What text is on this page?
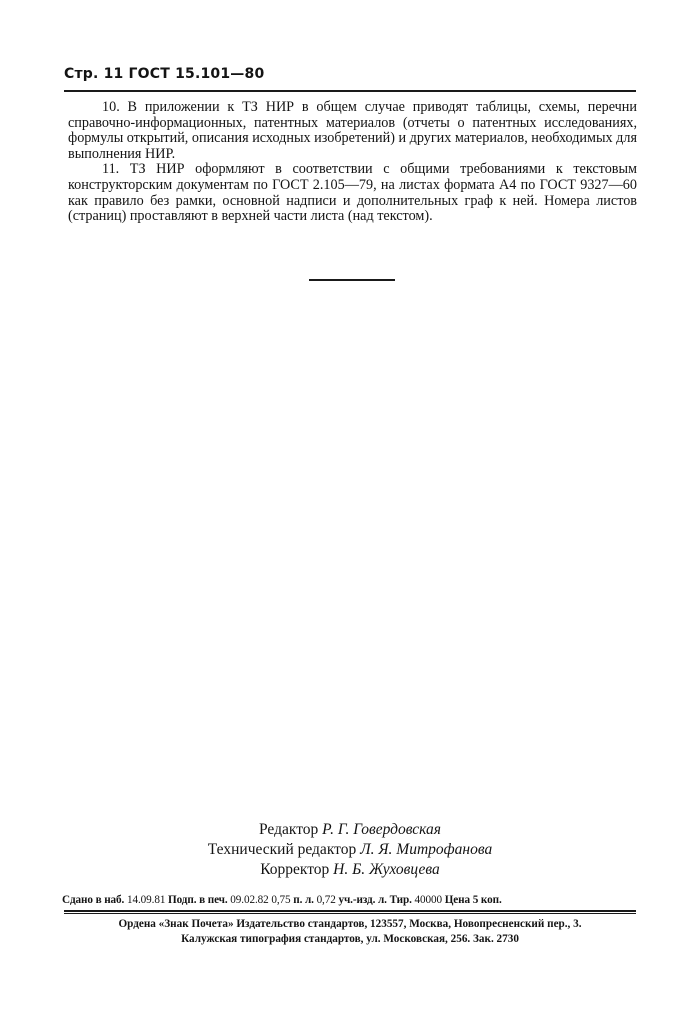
Стр. 11 ГОСТ 15.101—80

10. В приложении к ТЗ НИР в общем случае приводят таблицы, схемы, перечни справочно-информационных, патентных материалов (отчеты о патентных исследованиях, формулы открытий, описания исходных изобретений) и других материалов, необходимых для выполнения НИР.

11. ТЗ НИР оформляют в соответствии с общими требованиями к текстовым конструкторским документам по ГОСТ 2.105—79, на листах формата А4 по ГОСТ 9327—60 как правило без рамки, основной надписи и дополнительных граф к ней. Номера листов (страниц) проставляют в верхней части листа (над текстом).

Редактор Р. Г. Говердовская
Технический редактор Л. Я. Митрофанова
Корректор Н. Б. Жуховцева
Сдано в наб. 14.09.81 Подп. в печ. 09.02.82 0,75 п. л. 0,72 уч.-изд. л. Тир. 40000 Цена 5 коп.
Ордена «Знак Почета» Издательство стандартов, 123557, Москва, Новопресненский пер., 3.
Калужская типография стандартов, ул. Московская, 256. Зак. 2730
